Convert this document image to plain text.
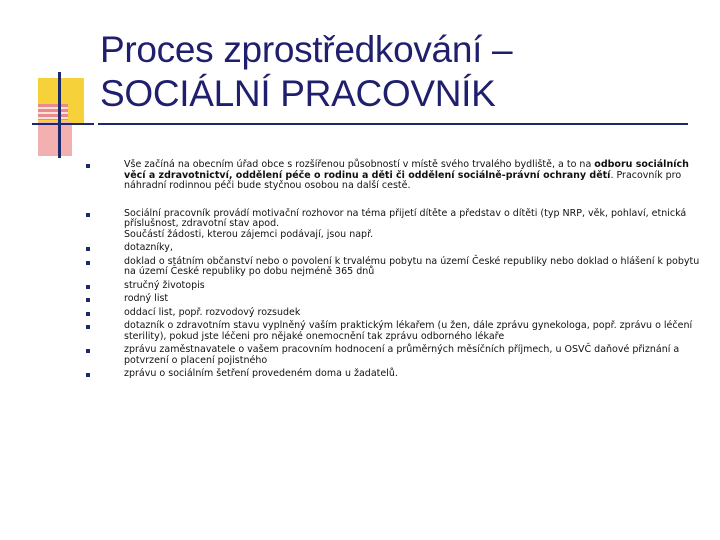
Proces zprostředkování –
SOCIÁLNÍ PRACOVNÍK
Vše začíná na obecním úřad obce s rozšířenou působností v místě svého trvalého bydliště, a to na odboru sociálních věcí a zdravotnictví, oddělení péče o rodinu a děti či oddělení sociálně-právní ochrany dětí. Pracovník pro náhradní rodinnou péči bude styčnou osobou na další cestě.
Sociální pracovník provádí motivační rozhovor na téma přijetí dítěte a představ o dítěti (typ NRP, věk, pohlaví, etnická příslušnost, zdravotní stav apod.
Součástí žádosti, kterou zájemci podávají, jsou např.
dotazníky,
doklad o státním občanství nebo o povolení k trvalému pobytu na území České republiky nebo doklad o hlášení k pobytu na území České republiky po dobu nejméně 365 dnů
stručný životopis
rodný list
oddací list, popř. rozvodový rozsudek
dotazník o zdravotním stavu vyplněný vaším praktickým lékařem (u žen, dále zprávu gynekologa, popř. zprávu o léčení sterility), pokud jste léčeni pro nějaké onemocnění tak zprávu odborného lékaře
zprávu zaměstnavatele o vašem pracovním hodnocení a průměrných měsíčních příjmech, u OSVČ daňové přiznání a potvrzení o placení pojistného
zprávu o sociálním šetření provedeném doma u žadatelů.
